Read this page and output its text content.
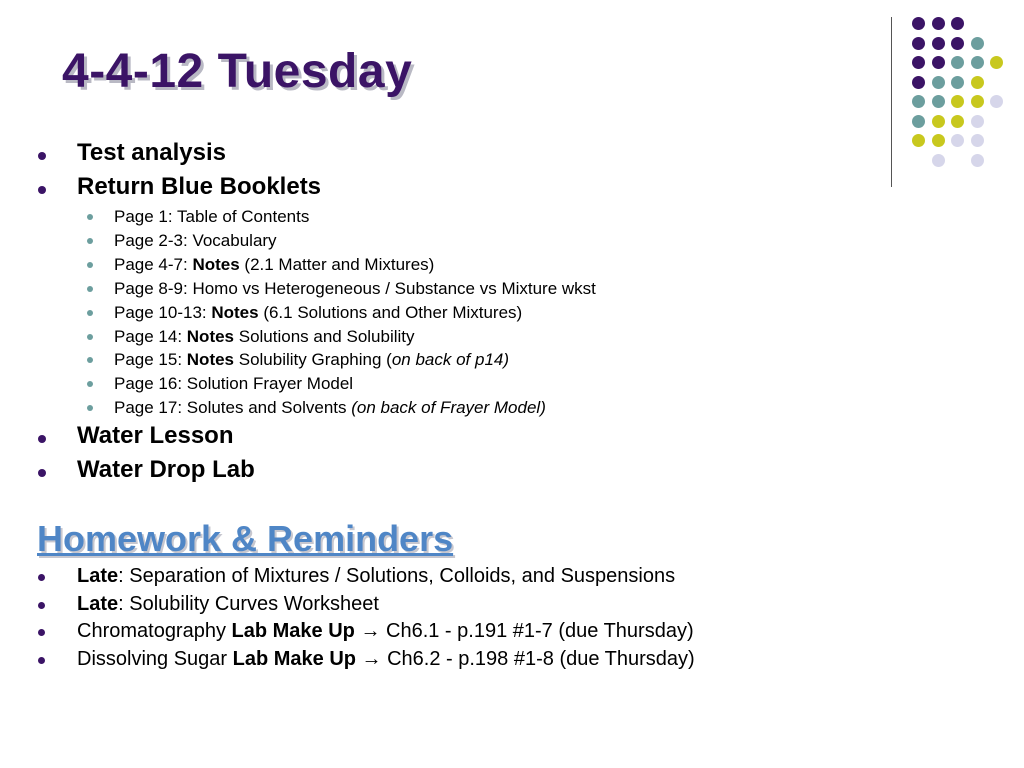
4-4-12 Tuesday
Test analysis
Return Blue Booklets
Page 1: Table of Contents
Page 2-3: Vocabulary
Page 4-7: Notes (2.1 Matter and Mixtures)
Page 8-9: Homo vs Heterogeneous / Substance vs Mixture wkst
Page 10-13: Notes (6.1 Solutions and Other Mixtures)
Page 14: Notes Solutions and Solubility
Page 15: Notes Solubility Graphing (on back of p14)
Page 16: Solution Frayer Model
Page 17: Solutes and Solvents (on back of Frayer Model)
Water Lesson
Water Drop Lab
Homework & Reminders
Late: Separation of Mixtures / Solutions, Colloids, and Suspensions
Late: Solubility Curves Worksheet
Chromatography Lab Make Up → Ch6.1 - p.191 #1-7 (due Thursday)
Dissolving Sugar Lab Make Up → Ch6.2 - p.198 #1-8 (due Thursday)
